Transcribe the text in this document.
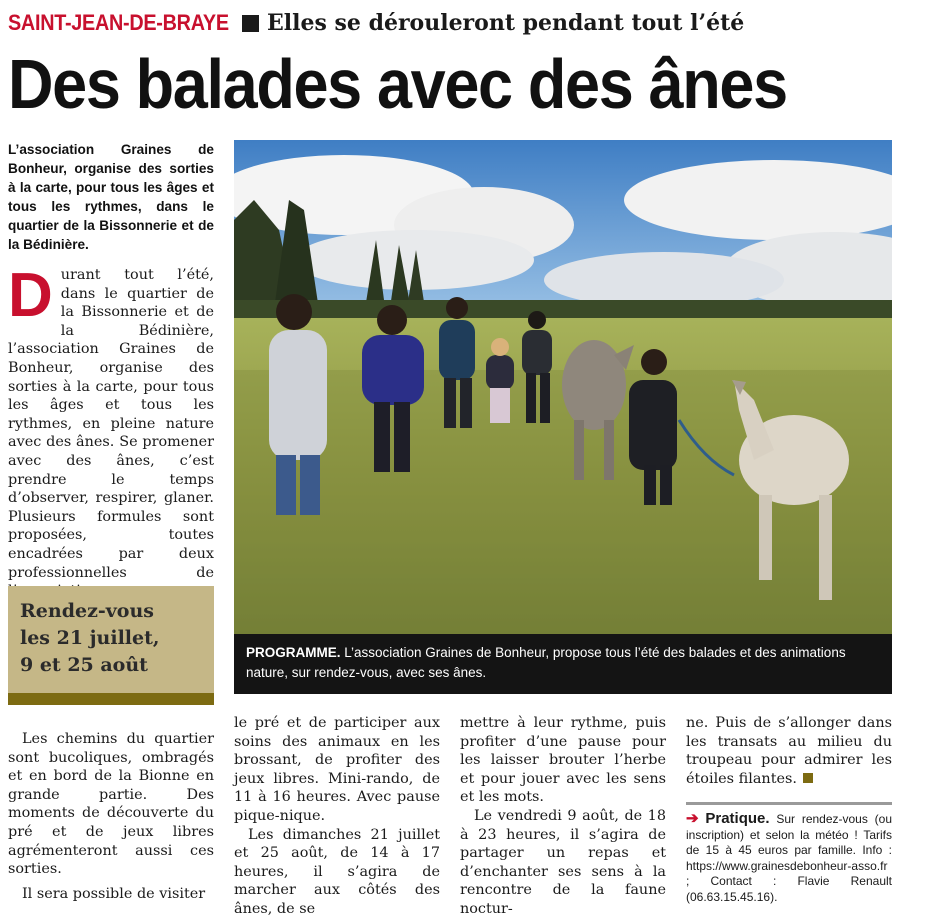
SAINT-JEAN-DE-BRAYE Elles se dérouleront pendant tout l’été
Des balades avec des ânes
L’association Graines de Bonheur, organise des sorties à la carte, pour tous les âges et tous les rythmes, dans le quartier de la Bissonnerie et de la Bédinière.

Durant tout l’été, dans le quartier de la Bissonnerie et de la Bédinière, l’association Graines de Bonheur, organise des sorties à la carte, pour tous les âges et tous les rythmes, en pleine nature avec des ânes. Se promener avec des ânes, c’est prendre le temps d’observer, respirer, glaner. Plusieurs formules sont proposées, toutes encadrées par deux professionnelles de

Rendez-vous
les 21 juillet,
9 et 25 août
PROGRAMME. L’association Graines de Bonheur, propose tous l’été des balades et des animations nature, sur rendez-vous, avec ses ânes.

Les chemins du quartier sont bucoliques, ombragés et en bord de la Bionne en grande partie. Des moments de découverte du pré et de jeux libres agrémenteront aussi ces sorties.

Il sera possible de visiter

le pré et de participer aux soins des animaux en les brossant, de profiter des jeux libres. Mini-rando, de 11 à 16 heures. Avec pause pique-nique.

Les dimanches 21 juillet et 25 août, de 14 à 17 heures, il s’agira de marcher aux côtés des ânes, de se

mettre à leur rythme, puis profiter d’une pause pour les laisser brouter l’herbe et pour jouer avec les sens et les mots.

Le vendredi 9 août, de 18 à 23 heures, il s’agira de partager un repas et d’enchanter ses sens à la rencontre de la faune noctur-

ne. Puis de s’allonger dans les transats au milieu du troupeau pour admirer les étoiles filantes.

➔ Pratique. Sur rendez-vous (ou inscription) et selon la météo ! Tarifs de 15 à 45 euros par famille. Info : https://www.grainesdebonheur-asso.fr ; Contact : Flavie Renault (06.63.15.45.16).
